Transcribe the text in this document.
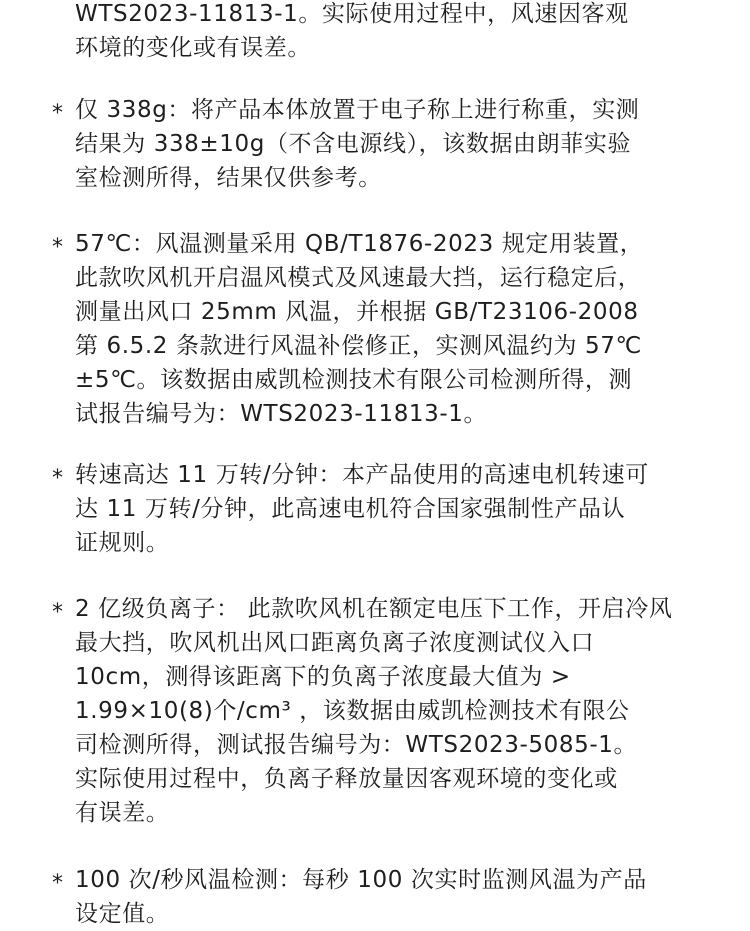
WTS2023-11813-1。实际使用过程中，风速因客观
环境的变化或有误差。
* 仅 338g：将产品本体放置于电子称上进行称重，实测
结果为 338±10g（不含电源线），该数据由朗菲实验
室检测所得，结果仅供参考。
* 57℃：风温测量采用 QB/T1876-2023 规定用装置，
此款吹风机开启温风模式及风速最大挡，运行稳定后，
测量出风口 25mm 风温，并根据 GB/T23106-2008
第 6.5.2 条款进行风温补偿修正，实测风温约为 57℃
±5℃。该数据由威凯检测技术有限公司检测所得，测
试报告编号为：WTS2023-11813-1。
* 转速高达 11 万转/分钟：本产品使用的高速电机转速可
达 11 万转/分钟，此高速电机符合国家强制性产品认
证规则。
* 2 亿级负离子： 此款吹风机在额定电压下工作，开启冷风
最大挡，吹风机出风口距离负离子浓度测试仪入口
10cm，测得该距离下的负离子浓度最大值为 >
1.99×10(8)个/cm³ ，该数据由威凯检测技术有限公
司检测所得，测试报告编号为：WTS2023-5085-1。
实际使用过程中，负离子释放量因客观环境的变化或
有误差。
* 100 次/秒风温检测：每秒 100 次实时监测风温为产品
设定值。
